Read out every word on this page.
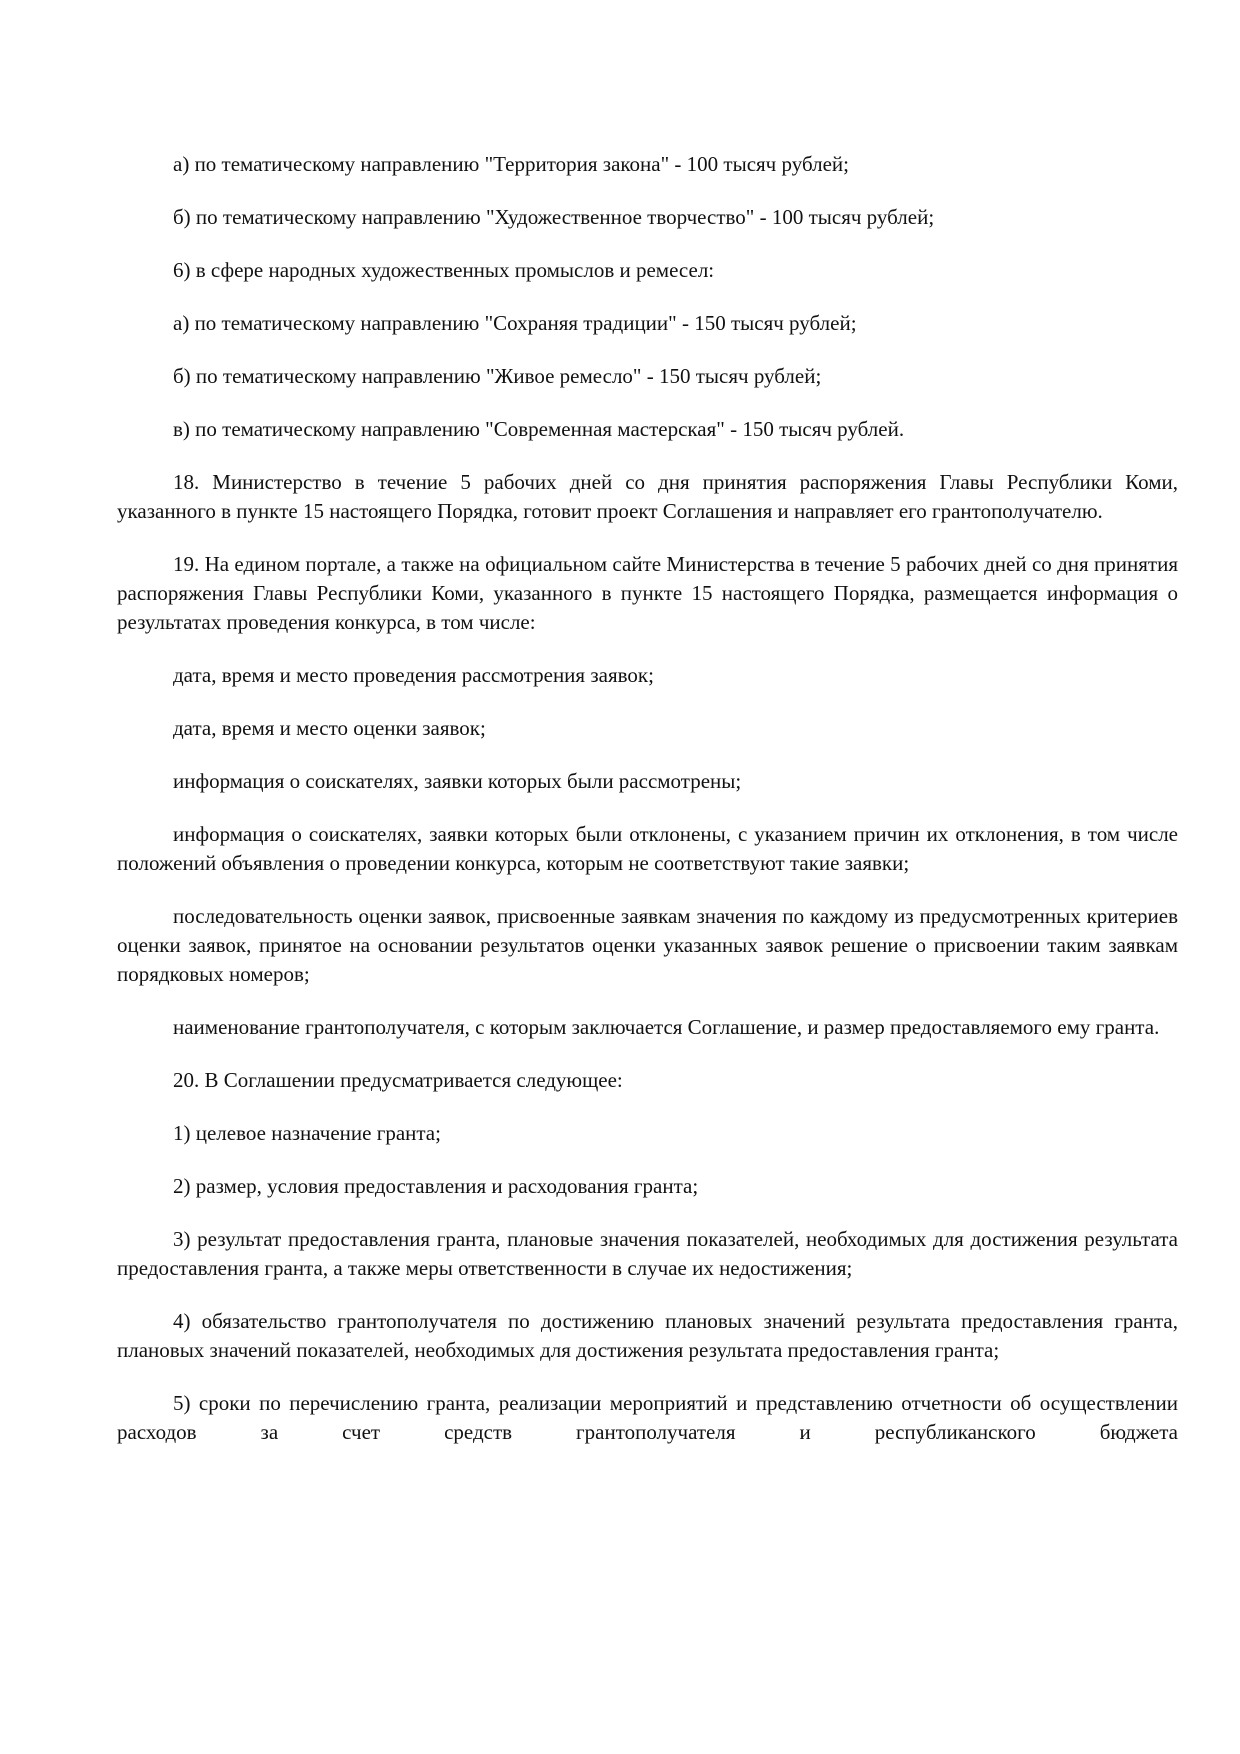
а) по тематическому направлению "Территория закона" - 100 тысяч рублей;

б) по тематическому направлению "Художественное творчество" - 100 тысяч рублей;

6) в сфере народных художественных промыслов и ремесел:

а) по тематическому направлению "Сохраняя традиции" - 150 тысяч рублей;

б) по тематическому направлению "Живое ремесло" - 150 тысяч рублей;

в) по тематическому направлению "Современная мастерская" - 150 тысяч рублей.

18. Министерство в течение 5 рабочих дней со дня принятия распоряжения Главы Республики Коми, указанного в пункте 15 настоящего Порядка, готовит проект Соглашения и направляет его грантополучателю.

19. На едином портале, а также на официальном сайте Министерства в течение 5 рабочих дней со дня принятия распоряжения Главы Республики Коми, указанного в пункте 15 настоящего Порядка, размещается информация о результатах проведения конкурса, в том числе:

дата, время и место проведения рассмотрения заявок;

дата, время и место оценки заявок;

информация о соискателях, заявки которых были рассмотрены;

информация о соискателях, заявки которых были отклонены, с указанием причин их отклонения, в том числе положений объявления о проведении конкурса, которым не соответствуют такие заявки;

последовательность оценки заявок, присвоенные заявкам значения по каждому из предусмотренных критериев оценки заявок, принятое на основании результатов оценки указанных заявок решение о присвоении таким заявкам порядковых номеров;

наименование грантополучателя, с которым заключается Соглашение, и размер предоставляемого ему гранта.

20. В Соглашении предусматривается следующее:

1) целевое назначение гранта;

2) размер, условия предоставления и расходования гранта;

3) результат предоставления гранта, плановые значения показателей, необходимых для достижения результата предоставления гранта, а также меры ответственности в случае их недостижения;

4) обязательство грантополучателя по достижению плановых значений результата предоставления гранта, плановых значений показателей, необходимых для достижения результата предоставления гранта;

5) сроки по перечислению гранта, реализации мероприятий и представлению отчетности об осуществлении расходов за счет средств грантополучателя и республиканского бюджета
